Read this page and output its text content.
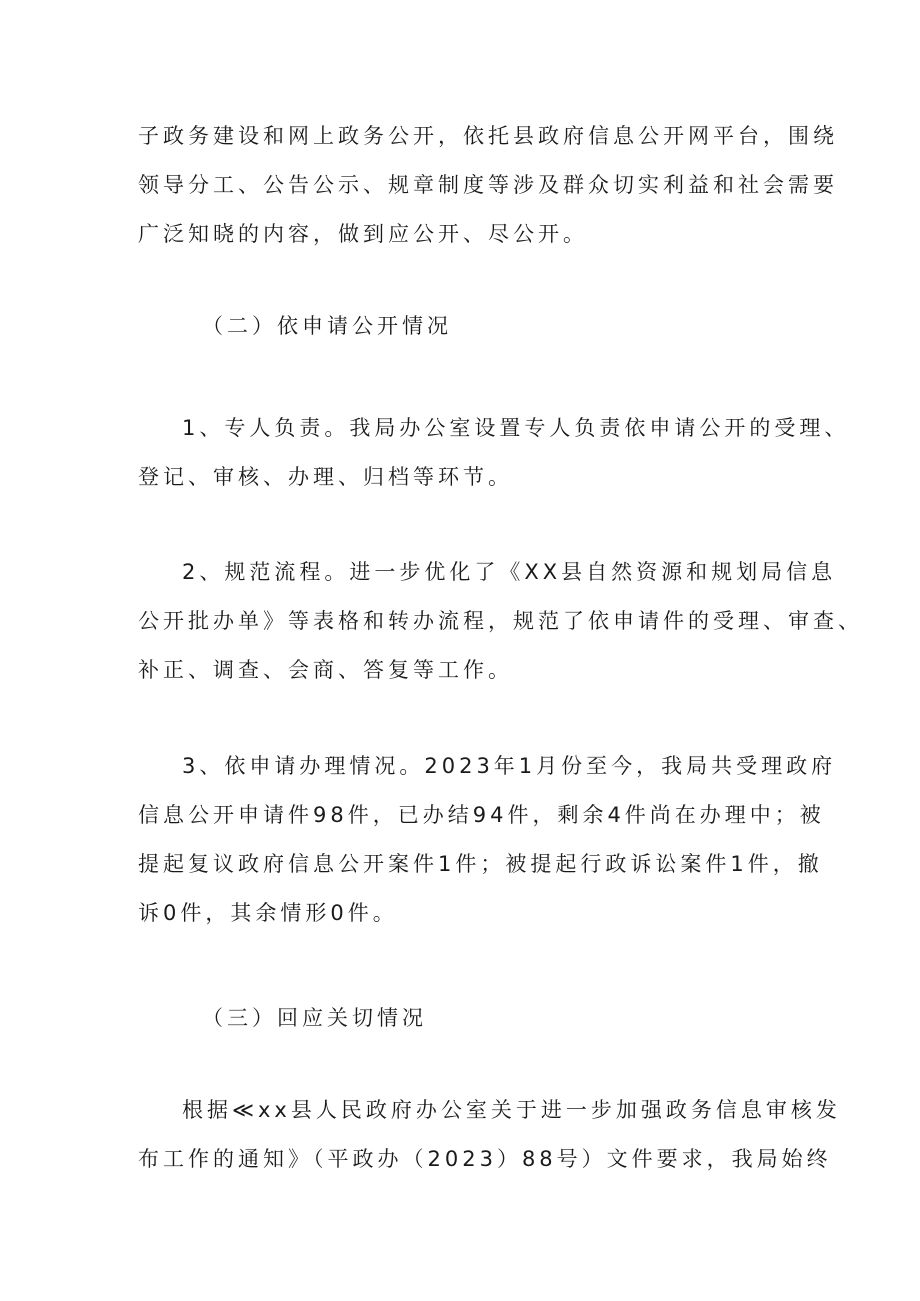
子政务建设和网上政务公开，依托县政府信息公开网平台，围绕
领导分工、公告公示、规章制度等涉及群众切实利益和社会需要
广泛知晓的内容，做到应公开、尽公开。
（二）依申请公开情况
1、专人负责。我局办公室设置专人负责依申请公开的受理、
登记、审核、办理、归档等环节。
2、规范流程。进一步优化了《XX县自然资源和规划局信息
公开批办单》等表格和转办流程，规范了依申请件的受理、审查、
补正、调查、会商、答复等工作。
3、依申请办理情况。2023年1月份至今，我局共受理政府
信息公开申请件98件，已办结94件，剩余4件尚在办理中；被
提起复议政府信息公开案件1件；被提起行政诉讼案件1件，撤
诉0件，其余情形0件。
（三）回应关切情况
根据≪xx县人民政府办公室关于进一步加强政务信息审核发
布工作的通知》（平政办（2023）88号）文件要求，我局始终
